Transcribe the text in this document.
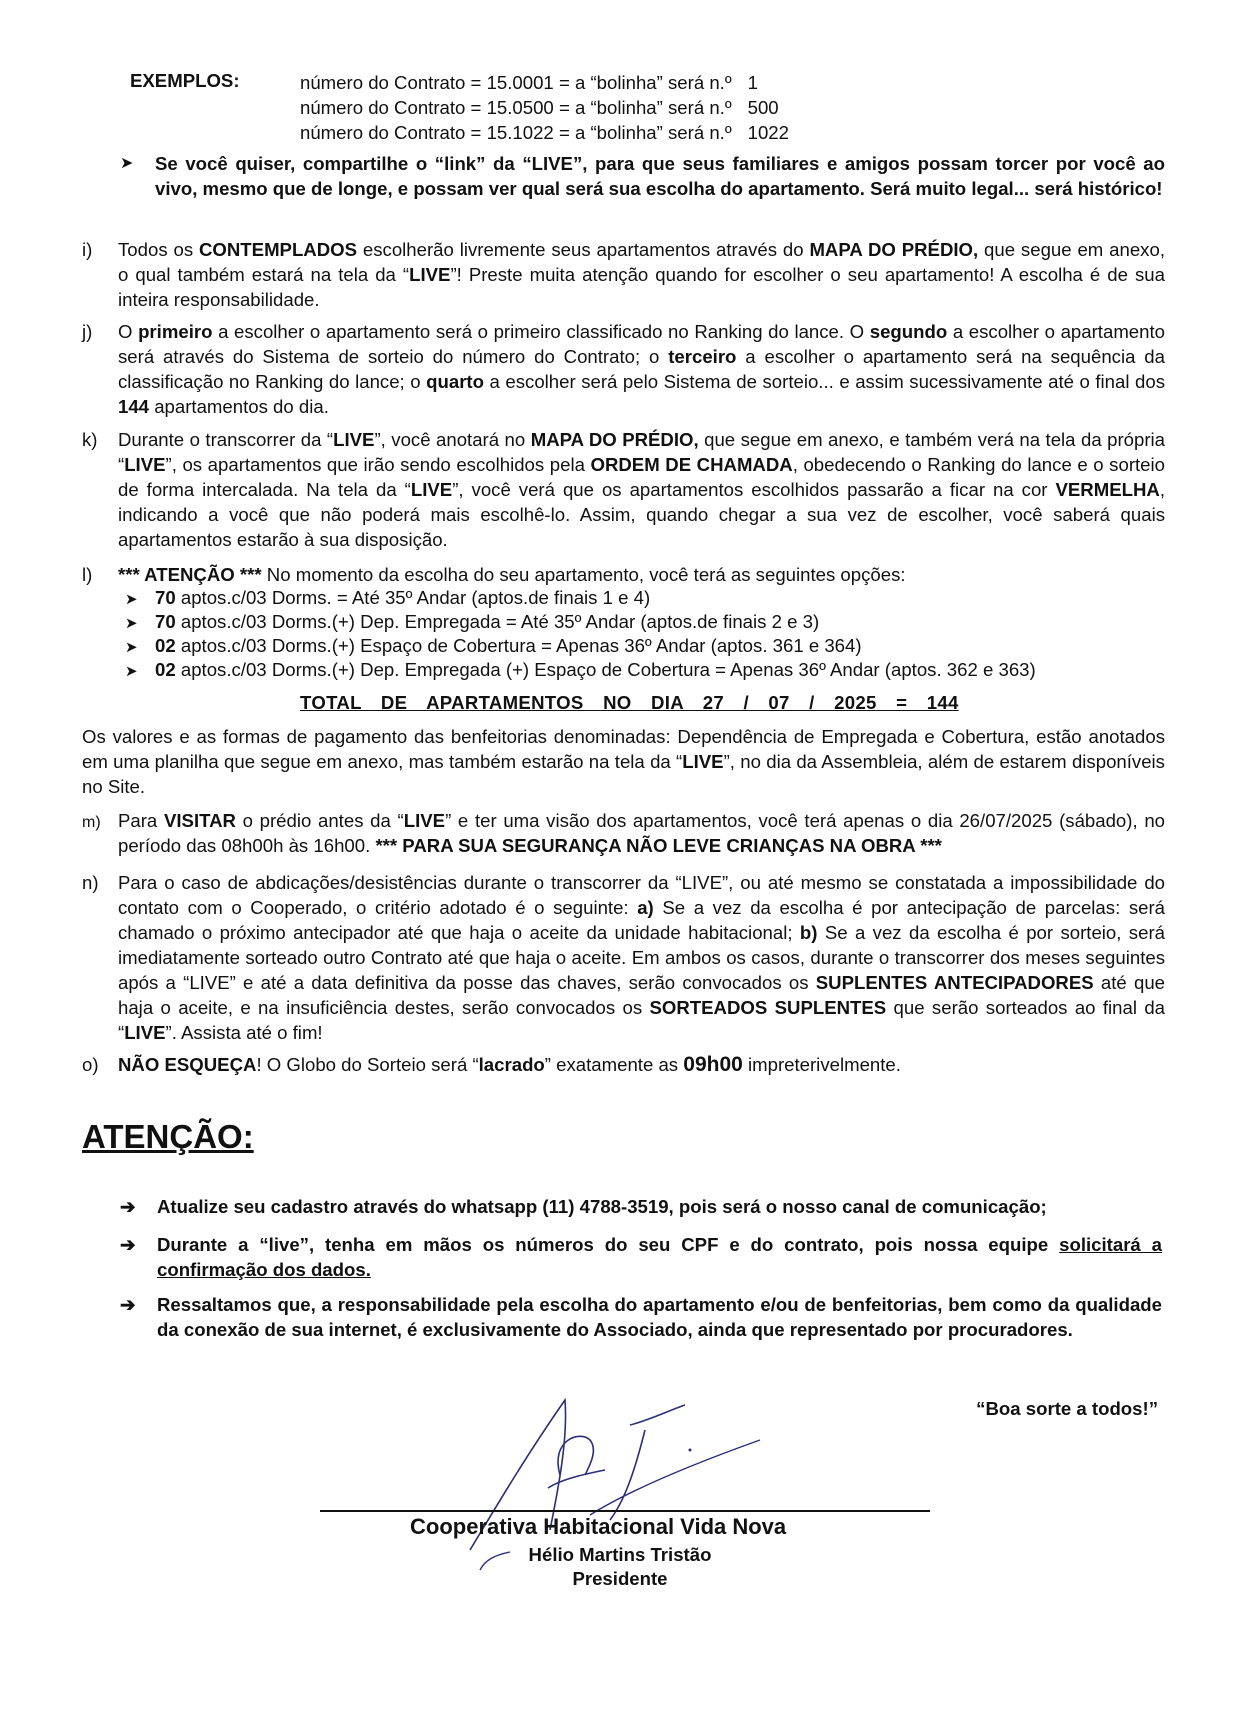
EXEMPLOS:	número do Contrato = 15.0001 = a “bolinha” será n.º 1
número do Contrato = 15.0500 = a “bolinha” será n.º 500
número do Contrato = 15.1022 = a “bolinha” será n.º 1022
➤ Se você quiser, compartilhe o “link” da “LIVE”, para que seus familiares e amigos possam torcer por você ao vivo, mesmo que de longe, e possam ver qual será sua escolha do apartamento. Será muito legal... será histórico!
i) Todos os CONTEMPLADOS escolherão livremente seus apartamentos através do MAPA DO PRÉDIO, que segue em anexo, o qual também estará na tela da “LIVE”! Preste muita atenção quando for escolher o seu apartamento! A escolha é de sua inteira responsabilidade.
j) O primeiro a escolher o apartamento será o primeiro classificado no Ranking do lance. O segundo a escolher o apartamento será através do Sistema de sorteio do número do Contrato; o terceiro a escolher o apartamento será na sequência da classificação no Ranking do lance; o quarto a escolher será pelo Sistema de sorteio... e assim sucessivamente até o final dos 144 apartamentos do dia.
k) Durante o transcorrer da “LIVE”, você anotará no MAPA DO PRÉDIO, que segue em anexo, e também verá na tela da própria “LIVE”, os apartamentos que irão sendo escolhidos pela ORDEM DE CHAMADA, obedecendo o Ranking do lance e o sorteio de forma intercalada. Na tela da “LIVE”, você verá que os apartamentos escolhidos passarão a ficar na cor VERMELHA, indicando a você que não poderá mais escolhê-lo. Assim, quando chegar a sua vez de escolher, você saberá quais apartamentos estarão à sua disposição.
l) *** ATENÇÃO *** No momento da escolha do seu apartamento, você terá as seguintes opções:
➤ 70 aptos.c/03 Dorms. = Até 35º Andar (aptos.de finais 1 e 4)
➤ 70 aptos.c/03 Dorms.(+) Dep. Empregada = Até 35º Andar (aptos.de finais 2 e 3)
➤ 02 aptos.c/03 Dorms.(+) Espaço de Cobertura = Apenas 36º Andar (aptos. 361 e 364)
➤ 02 aptos.c/03 Dorms.(+) Dep. Empregada (+) Espaço de Cobertura = Apenas 36º Andar (aptos. 362 e 363)
TOTAL DE APARTAMENTOS NO DIA 27 / 07 / 2025 = 144
Os valores e as formas de pagamento das benfeitorias denominadas: Dependência de Empregada e Cobertura, estão anotados em uma planilha que segue em anexo, mas também estarão na tela da “LIVE”, no dia da Assembleia, além de estarem disponíveis no Site.
m) Para VISITAR o prédio antes da “LIVE” e ter uma visão dos apartamentos, você terá apenas o dia 26/07/2025 (sábado), no período das 08h00h às 16h00. *** PARA SUA SEGURANÇA NÃO LEVE CRIANÇAS NA OBRA ***
n) Para o caso de abdicações/desistências durante o transcorrer da “LIVE”, ou até mesmo se constatada a impossibilidade do contato com o Cooperado, o critério adotado é o seguinte: a) Se a vez da escolha é por antecipação de parcelas: será chamado o próximo antecipador até que haja o aceite da unidade habitacional; b) Se a vez da escolha é por sorteio, será imediatamente sorteado outro Contrato até que haja o aceite. Em ambos os casos, durante o transcorrer dos meses seguintes após a “LIVE” e até a data definitiva da posse das chaves, serão convocados os SUPLENTES ANTECIPADORES até que haja o aceite, e na insuficiência destes, serão convocados os SORTEADOS SUPLENTES que serão sorteados ao final da “LIVE”. Assista até o fim!
o) NÃO ESQUEÇA! O Globo do Sorteio será “lacrado” exatamente as 09h00 impreterivelmente.
ATENÇÃO:
➔ Atualize seu cadastro através do whatsapp (11) 4788-3519, pois será o nosso canal de comunicação;
➔ Durante a “live”, tenha em mãos os números do seu CPF e do contrato, pois nossa equipe solicitará a confirmação dos dados.
➔ Ressaltamos que, a responsabilidade pela escolha do apartamento e/ou de benfeitorias, bem como da qualidade da conexão de sua internet, é exclusivamente do Associado, ainda que representado por procuradores.
“Boa sorte a todos!”
Cooperativa Habitacional Vida Nova
Hélio Martins Tristão
Presidente
